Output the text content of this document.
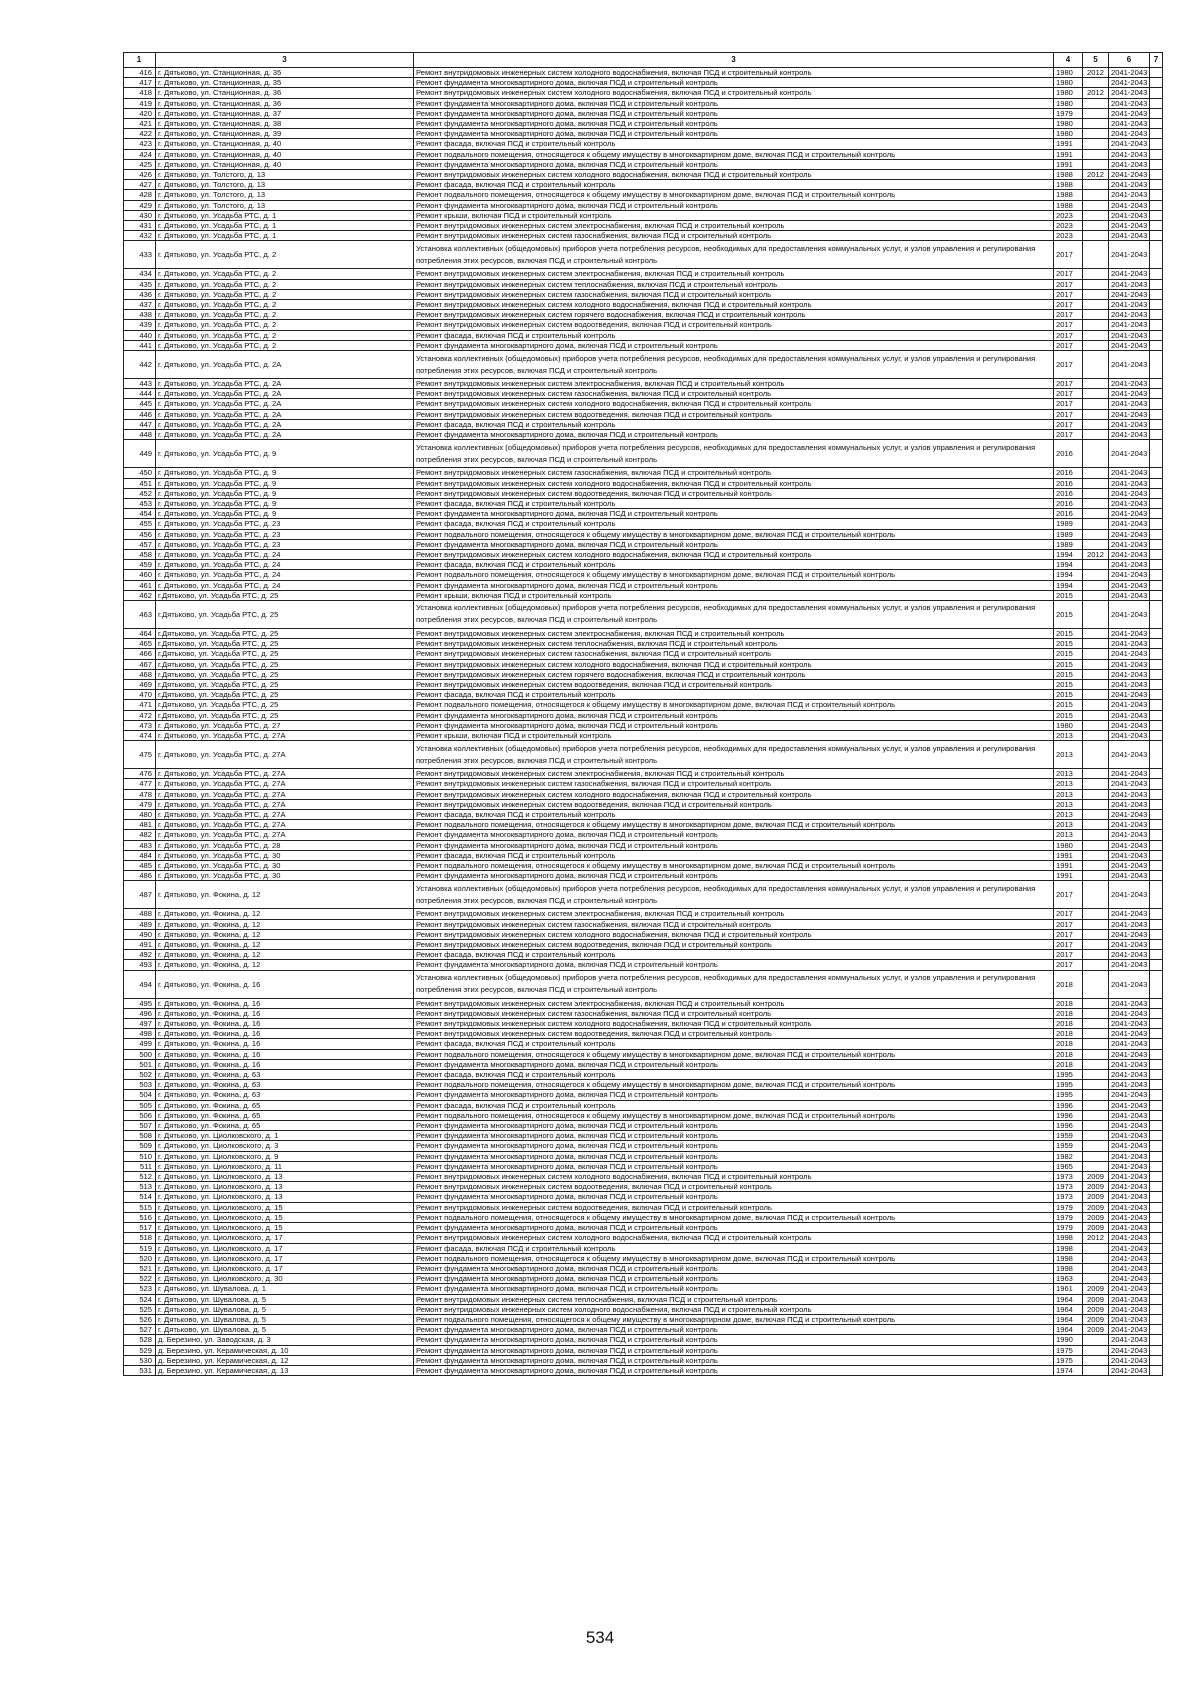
1	3	3	4	5	6	7
416	г. Дятьково, ул. Станционная, д. 35	Ремонт внутридомовых инженерных систем холодного водоснабжения, включая ПСД и строительный контроль	1980	2012	2041-2043	
417	г. Дятьково, ул. Станционная, д. 35	Ремонт фундамента многоквартирного дома, включая ПСД и строительный контроль	1980		2041-2043	
418	г. Дятьково, ул. Станционная, д. 36	Ремонт внутридомовых инженерных систем холодного водоснабжения, включая ПСД и строительный контроль	1980	2012	2041-2043	
419	г. Дятьково, ул. Станционная, д. 36	Ремонт фундамента многоквартирного дома, включая ПСД и строительный контроль	1980		2041-2043	
420	г. Дятьково, ул. Станционная, д. 37	Ремонт фундамента многоквартирного дома, включая ПСД и строительный контроль	1979		2041-2043	
421	г. Дятьково, ул. Станционная, д. 38	Ремонт фундамента многоквартирного дома, включая ПСД и строительный контроль	1980		2041-2043	
422	г. Дятьково, ул. Станционная, д. 39	Ремонт фундамента многоквартирного дома, включая ПСД и строительный контроль	1980		2041-2043	
423	г. Дятьково, ул. Станционная, д. 40	Ремонт фасада, включая ПСД и строительный контроль	1991		2041-2043	
424	г. Дятьково, ул. Станционная, д. 40	Ремонт подвального помещения, относящегося к общему имуществу в многоквартирном доме, включая ПСД и строительный контроль	1991		2041-2043	
425	г. Дятьково, ул. Станционная, д. 40	Ремонт фундамента многоквартирного дома, включая ПСД и строительный контроль	1991		2041-2043	
426	г. Дятьково, ул. Толстого, д. 13	Ремонт внутридомовых инженерных систем холодного водоснабжения, включая ПСД и строительный контроль	1988	2012	2041-2043	
427	г. Дятьково, ул. Толстого, д. 13	Ремонт фасада, включая ПСД и строительный контроль	1988		2041-2043	
428	г. Дятьково, ул. Толстого, д. 13	Ремонт подвального помещения, относящегося к общему имуществу в многоквартирном доме, включая ПСД и строительный контроль	1988		2041-2043	
429	г. Дятьково, ул. Толстого, д. 13	Ремонт фундамента многоквартирного дома, включая ПСД и строительный контроль	1988		2041-2043	
430	г. Дятьково, ул. Усадьба РТС, д. 1	Ремонт крыши, включая ПСД и строительный контроль	2023		2041-2043	
431	г. Дятьково, ул. Усадьба РТС, д. 1	Ремонт внутридомовых инженерных систем электроснабжения, включая ПСД и строительный контроль	2023		2041-2043	
432	г. Дятьково, ул. Усадьба РТС, д. 1	Ремонт внутридомовых инженерных систем газоснабжения, включая ПСД и строительный контроль	2023		2041-2043	
433	г. Дятьково, ул. Усадьба РТС, д. 2	Установка коллективных (общедомовых) приборов учета потребления ресурсов, необходимых для предоставления коммунальных услуг, и узлов управления и регулирования потребления этих ресурсов, включая ПСД и строительный контроль	2017		2041-2043	
434	г. Дятьково, ул. Усадьба РТС, д. 2	Ремонт внутридомовых инженерных систем электроснабжения, включая ПСД и строительный контроль	2017		2041-2043	
435	г. Дятьково, ул. Усадьба РТС, д. 2	Ремонт внутридомовых инженерных систем теплоснабжения, включая ПСД и строительный контроль	2017		2041-2043	
436	г. Дятьково, ул. Усадьба РТС, д. 2	Ремонт внутридомовых инженерных систем газоснабжения, включая ПСД и строительный контроль	2017		2041-2043	
437	г. Дятьково, ул. Усадьба РТС, д. 2	Ремонт внутридомовых инженерных систем холодного водоснабжения, включая ПСД и строительный контроль	2017		2041-2043	
438	г. Дятьково, ул. Усадьба РТС, д. 2	Ремонт внутридомовых инженерных систем горячего водоснабжения, включая ПСД и строительный контроль	2017		2041-2043	
439	г. Дятьково, ул. Усадьба РТС, д. 2	Ремонт внутридомовых инженерных систем водоотведения, включая ПСД и строительный контроль	2017		2041-2043	
440	г. Дятьково, ул. Усадьба РТС, д. 2	Ремонт фасада, включая ПСД и строительный контроль	2017		2041-2043	
441	г. Дятьково, ул. Усадьба РТС, д. 2	Ремонт фундамента многоквартирного дома, включая ПСД и строительный контроль	2017		2041-2043	
442	г. Дятьково, ул. Усадьба РТС, д. 2А	Установка коллективных (общедомовых) приборов учета потребления ресурсов, необходимых для предоставления коммунальных услуг, и узлов управления и регулирования потребления этих ресурсов, включая ПСД и строительный контроль	2017		2041-2043	
443	г. Дятьково, ул. Усадьба РТС, д. 2А	Ремонт внутридомовых инженерных систем электроснабжения, включая ПСД и строительный контроль	2017		2041-2043	
444	г. Дятьково, ул. Усадьба РТС, д. 2А	Ремонт внутридомовых инженерных систем газоснабжения, включая ПСД и строительный контроль	2017		2041-2043	
445	г. Дятьково, ул. Усадьба РТС, д. 2А	Ремонт внутридомовых инженерных систем холодного водоснабжения, включая ПСД и строительный контроль	2017		2041-2043	
446	г. Дятьково, ул. Усадьба РТС, д. 2А	Ремонт внутридомовых инженерных систем водоотведения, включая ПСД и строительный контроль	2017		2041-2043	
447	г. Дятьково, ул. Усадьба РТС, д. 2А	Ремонт фасада, включая ПСД и строительный контроль	2017		2041-2043	
448	г. Дятьково, ул. Усадьба РТС, д. 2А	Ремонт фундамента многоквартирного дома, включая ПСД и строительный контроль	2017		2041-2043	
449	г. Дятьково, ул. Усадьба РТС, д. 9	Установка коллективных (общедомовых) приборов учета потребления ресурсов, необходимых для предоставления коммунальных услуг, и узлов управления и регулирования потребления этих ресурсов, включая ПСД и строительный контроль	2016		2041-2043	
450	г. Дятьково, ул. Усадьба РТС, д. 9	Ремонт внутридомовых инженерных систем газоснабжения, включая ПСД и строительный контроль	2016		2041-2043	
451	г. Дятьково, ул. Усадьба РТС, д. 9	Ремонт внутридомовых инженерных систем холодного водоснабжения, включая ПСД и строительный контроль	2016		2041-2043	
452	г. Дятьково, ул. Усадьба РТС, д. 9	Ремонт внутридомовых инженерных систем водоотведения, включая ПСД и строительный контроль	2016		2041-2043	
453	г. Дятьково, ул. Усадьба РТС, д. 9	Ремонт фасада, включая ПСД и строительный контроль	2016		2041-2043	
454	г. Дятьково, ул. Усадьба РТС, д. 9	Ремонт фундамента многоквартирного дома, включая ПСД и строительный контроль	2016		2041-2043	
455	г. Дятьково, ул. Усадьба РТС, д. 23	Ремонт фасада, включая ПСД и строительный контроль	1989		2041-2043	
456	г. Дятьково, ул. Усадьба РТС, д. 23	Ремонт подвального помещения, относящегося к общему имуществу в многоквартирном доме, включая ПСД и строительный контроль	1989		2041-2043	
457	г. Дятьково, ул. Усадьба РТС, д. 23	Ремонт фундамента многоквартирного дома, включая ПСД и строительный контроль	1989		2041-2043	
458	г. Дятьково, ул. Усадьба РТС, д. 24	Ремонт внутридомовых инженерных систем холодного водоснабжения, включая ПСД и строительный контроль	1994	2012	2041-2043	
459	г. Дятьково, ул. Усадьба РТС, д. 24	Ремонт фасада, включая ПСД и строительный контроль	1994		2041-2043	
460	г. Дятьково, ул. Усадьба РТС, д. 24	Ремонт подвального помещения, относящегося к общему имуществу в многоквартирном доме, включая ПСД и строительный контроль	1994		2041-2043	
461	г. Дятьково, ул. Усадьба РТС, д. 24	Ремонт фундамента многоквартирного дома, включая ПСД и строительный контроль	1994		2041-2043	
462	г.Дятьково, ул. Усадьба РТС, д. 25	Ремонт крыши, включая ПСД и строительный контроль	2015		2041-2043	
463	г.Дятьково, ул. Усадьба РТС, д. 25	Установка коллективных (общедомовых) приборов учета потребления ресурсов, необходимых для предоставления коммунальных услуг, и узлов управления и регулирования потребления этих ресурсов, включая ПСД и строительный контроль	2015		2041-2043	
464	г.Дятьково, ул. Усадьба РТС, д. 25	Ремонт внутридомовых инженерных систем электроснабжения, включая ПСД и строительный контроль	2015		2041-2043	
465	г.Дятьково, ул. Усадьба РТС, д. 25	Ремонт внутридомовых инженерных систем теплоснабжения, включая ПСД и строительный контроль	2015		2041-2043	
466	г.Дятьково, ул. Усадьба РТС, д. 25	Ремонт внутридомовых инженерных систем газоснабжения, включая ПСД и строительный контроль	2015		2041-2043	
467	г.Дятьково, ул. Усадьба РТС, д. 25	Ремонт внутридомовых инженерных систем холодного водоснабжения, включая ПСД и строительный контроль	2015		2041-2043	
468	г.Дятьково, ул. Усадьба РТС, д. 25	Ремонт внутридомовых инженерных систем горячего водоснабжения, включая ПСД и строительный контроль	2015		2041-2043	
469	г.Дятьково, ул. Усадьба РТС, д. 25	Ремонт внутридомовых инженерных систем водоотведения, включая ПСД и строительный контроль	2015		2041-2043	
470	г.Дятьково, ул. Усадьба РТС, д. 25	Ремонт фасада, включая ПСД и строительный контроль	2015		2041-2043	
471	г.Дятьково, ул. Усадьба РТС, д. 25	Ремонт подвального помещения, относящегося к общему имуществу в многоквартирном доме, включая ПСД и строительный контроль	2015		2041-2043	
472	г.Дятьково, ул. Усадьба РТС, д. 25	Ремонт фундамента многоквартирного дома, включая ПСД и строительный контроль	2015		2041-2043	
473	г. Дятьково, ул. Усадьба РТС, д. 27	Ремонт фундамента многоквартирного дома, включая ПСД и строительный контроль	1980		2041-2043	
474	г. Дятьково, ул. Усадьба РТС, д. 27А	Ремонт крыши, включая ПСД и строительный контроль	2013		2041-2043	
475	г. Дятьково, ул. Усадьба РТС, д. 27А	Установка коллективных (общедомовых) приборов учета потребления ресурсов, необходимых для предоставления коммунальных услуг, и узлов управления и регулирования потребления этих ресурсов, включая ПСД и строительный контроль	2013		2041-2043	
476	г. Дятьково, ул. Усадьба РТС, д. 27А	Ремонт внутридомовых инженерных систем электроснабжения, включая ПСД и строительный контроль	2013		2041-2043	
477	г. Дятьково, ул. Усадьба РТС, д. 27А	Ремонт внутридомовых инженерных систем газоснабжения, включая ПСД и строительный контроль	2013		2041-2043	
478	г. Дятьково, ул. Усадьба РТС, д. 27А	Ремонт внутридомовых инженерных систем холодного водоснабжения, включая ПСД и строительный контроль	2013		2041-2043	
479	г. Дятьково, ул. Усадьба РТС, д. 27А	Ремонт внутридомовых инженерных систем водоотведения, включая ПСД и строительный контроль	2013		2041-2043	
480	г. Дятьково, ул. Усадьба РТС, д. 27А	Ремонт фасада, включая ПСД и строительный контроль	2013		2041-2043	
481	г. Дятьково, ул. Усадьба РТС, д. 27А	Ремонт подвального помещения, относящегося к общему имуществу в многоквартирном доме, включая ПСД и строительный контроль	2013		2041-2043	
482	г. Дятьково, ул. Усадьба РТС, д. 27А	Ремонт фундамента многоквартирного дома, включая ПСД и строительный контроль	2013		2041-2043	
483	г. Дятьково, ул. Усадьба РТС, д. 28	Ремонт фундамента многоквартирного дома, включая ПСД и строительный контроль	1980		2041-2043	
484	г. Дятьково, ул. Усадьба РТС, д. 30	Ремонт фасада, включая ПСД и строительный контроль	1991		2041-2043	
485	г. Дятьково, ул. Усадьба РТС, д. 30	Ремонт подвального помещения, относящегося к общему имуществу в многоквартирном доме, включая ПСД и строительный контроль	1991		2041-2043	
486	г. Дятьково, ул. Усадьба РТС, д. 30	Ремонт фундамента многоквартирного дома, включая ПСД и строительный контроль	1991		2041-2043	
487	г. Дятьково, ул. Фокина, д. 12	Установка коллективных (общедомовых) приборов учета потребления ресурсов, необходимых для предоставления коммунальных услуг, и узлов управления и регулирования потребления этих ресурсов, включая ПСД и строительный контроль	2017		2041-2043	
488	г. Дятьково, ул. Фокина, д. 12	Ремонт внутридомовых инженерных систем электроснабжения, включая ПСД и строительный контроль	2017		2041-2043	
489	г. Дятьково, ул. Фокина, д. 12	Ремонт внутридомовых инженерных систем газоснабжения, включая ПСД и строительный контроль	2017		2041-2043	
490	г. Дятьково, ул. Фокина, д. 12	Ремонт внутридомовых инженерных систем холодного водоснабжения, включая ПСД и строительный контроль	2017		2041-2043	
491	г. Дятьково, ул. Фокина, д. 12	Ремонт внутридомовых инженерных систем водоотведения, включая ПСД и строительный контроль	2017		2041-2043	
492	г. Дятьково, ул. Фокина, д. 12	Ремонт фасада, включая ПСД и строительный контроль	2017		2041-2043	
493	г. Дятьково, ул. Фокина, д. 12	Ремонт фундамента многоквартирного дома, включая ПСД и строительный контроль	2017		2041-2043	
494	г. Дятьково, ул. Фокина, д. 16	Установка коллективных (общедомовых) приборов учета потребления ресурсов, необходимых для предоставления коммунальных услуг, и узлов управления и регулирования потребления этих ресурсов, включая ПСД и строительный контроль	2018		2041-2043	
495	г. Дятьково, ул. Фокина, д. 16	Ремонт внутридомовых инженерных систем электроснабжения, включая ПСД и строительный контроль	2018		2041-2043	
496	г. Дятьково, ул. Фокина, д. 16	Ремонт внутридомовых инженерных систем газоснабжения, включая ПСД и строительный контроль	2018		2041-2043	
497	г. Дятьково, ул. Фокина, д. 16	Ремонт внутридомовых инженерных систем холодного водоснабжения, включая ПСД и строительный контроль	2018		2041-2043	
498	г. Дятьково, ул. Фокина, д. 16	Ремонт внутридомовых инженерных систем водоотведения, включая ПСД и строительный контроль	2018		2041-2043	
499	г. Дятьково, ул. Фокина, д. 16	Ремонт фасада, включая ПСД и строительный контроль	2018		2041-2043	
500	г. Дятьково, ул. Фокина, д. 16	Ремонт подвального помещения, относящегося к общему имуществу в многоквартирном доме, включая ПСД и строительный контроль	2018		2041-2043	
501	г. Дятьково, ул. Фокина, д. 16	Ремонт фундамента многоквартирного дома, включая ПСД и строительный контроль	2018		2041-2043	
502	г. Дятьково, ул. Фокина, д. 63	Ремонт фасада, включая ПСД и строительный контроль	1995		2041-2043	
503	г. Дятьково, ул. Фокина, д. 63	Ремонт подвального помещения, относящегося к общему имуществу в многоквартирном доме, включая ПСД и строительный контроль	1995		2041-2043	
504	г. Дятьково, ул. Фокина, д. 63	Ремонт фундамента многоквартирного дома, включая ПСД и строительный контроль	1995		2041-2043	
505	г. Дятьково, ул. Фокина, д. 65	Ремонт фасада, включая ПСД и строительный контроль	1996		2041-2043	
506	г. Дятьково, ул. Фокина, д. 65	Ремонт подвального помещения, относящегося к общему имуществу в многоквартирном доме, включая ПСД и строительный контроль	1996		2041-2043	
507	г. Дятьково, ул. Фокина, д. 65	Ремонт фундамента многоквартирного дома, включая ПСД и строительный контроль	1996		2041-2043	
508	г. Дятьково, ул. Циолковского, д. 1	Ремонт фундамента многоквартирного дома, включая ПСД и строительный контроль	1959		2041-2043	
509	г. Дятьково, ул. Циолковского, д. 3	Ремонт фундамента многоквартирного дома, включая ПСД и строительный контроль	1959		2041-2043	
510	г. Дятьково, ул. Циолковского, д. 9	Ремонт фундамента многоквартирного дома, включая ПСД и строительный контроль	1982		2041-2043	
511	г. Дятьково, ул. Циолковского, д. 11	Ремонт фундамента многоквартирного дома, включая ПСД и строительный контроль	1965		2041-2043	
512	г. Дятьково, ул. Циолковского, д. 13	Ремонт внутридомовых инженерных систем холодного водоснабжения, включая ПСД и строительный контроль	1973	2009	2041-2043	
513	г. Дятьково, ул. Циолковского, д. 13	Ремонт внутридомовых инженерных систем водоотведения, включая ПСД и строительный контроль	1973	2009	2041-2043	
514	г. Дятьково, ул. Циолковского, д. 13	Ремонт фундамента многоквартирного дома, включая ПСД и строительный контроль	1973	2009	2041-2043	
515	г. Дятьково, ул. Циолковского, д. 15	Ремонт внутридомовых инженерных систем водоотведения, включая ПСД и строительный контроль	1979	2009	2041-2043	
516	г. Дятьково, ул. Циолковского, д. 15	Ремонт подвального помещения, относящегося к общему имуществу в многоквартирном доме, включая ПСД и строительный контроль	1979	2009	2041-2043	
517	г. Дятьково, ул. Циолковского, д. 15	Ремонт фундамента многоквартирного дома, включая ПСД и строительный контроль	1979	2009	2041-2043	
518	г. Дятьково, ул. Циолковского, д. 17	Ремонт внутридомовых инженерных систем холодного водоснабжения, включая ПСД и строительный контроль	1998	2012	2041-2043	
519	г. Дятьково, ул. Циолковского, д. 17	Ремонт фасада, включая ПСД и строительный контроль	1998		2041-2043	
520	г. Дятьково, ул. Циолковского, д. 17	Ремонт подвального помещения, относящегося к общему имуществу в многоквартирном доме, включая ПСД и строительный контроль	1998		2041-2043	
521	г. Дятьково, ул. Циолковского, д. 17	Ремонт фундамента многоквартирного дома, включая ПСД и строительный контроль	1998		2041-2043	
522	г. Дятьково, ул. Циолковского, д. 30	Ремонт фундамента многоквартирного дома, включая ПСД и строительный контроль	1963		2041-2043	
523	г. Дятьково, ул. Шувалова, д. 1	Ремонт фундамента многоквартирного дома, включая ПСД и строительный контроль	1961	2009	2041-2043	
524	г. Дятьково, ул. Шувалова, д. 5	Ремонт внутридомовых инженерных систем теплоснабжения, включая ПСД и строительный контроль	1964	2009	2041-2043	
525	г. Дятьково, ул. Шувалова, д. 5	Ремонт внутридомовых инженерных систем холодного водоснабжения, включая ПСД и строительный контроль	1964	2009	2041-2043	
526	г. Дятьково, ул. Шувалова, д. 5	Ремонт подвального помещения, относящегося к общему имуществу в многоквартирном доме, включая ПСД и строительный контроль	1964	2009	2041-2043	
527	г. Дятьково, ул. Шувалова, д. 5	Ремонт фундамента многоквартирного дома, включая ПСД и строительный контроль	1964	2009	2041-2043	
528	д. Березино, ул. Заводская, д. 3	Ремонт фундамента многоквартирного дома, включая ПСД и строительный контроль	1990		2041-2043	
529	д. Березино, ул. Керамическая, д. 10	Ремонт фундамента многоквартирного дома, включая ПСД и строительный контроль	1975		2041-2043	
530	д. Березино, ул. Керамическая, д. 12	Ремонт фундамента многоквартирного дома, включая ПСД и строительный контроль	1975		2041-2043	
531	д. Березино, ул. Керамическая, д. 13	Ремонт фундамента многоквартирного дома, включая ПСД и строительный контроль	1974		2041-2043	
534
